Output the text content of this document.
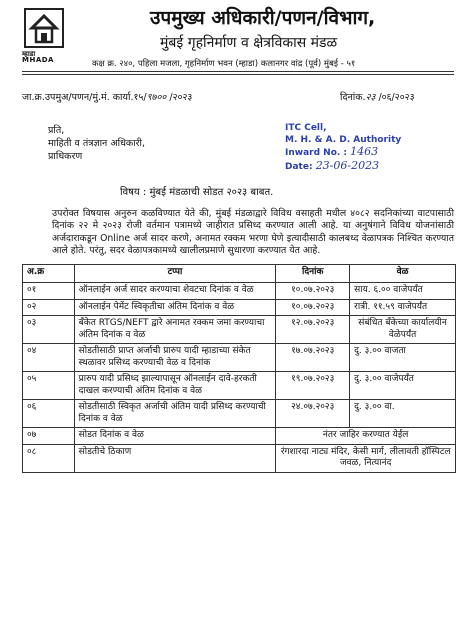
म्हाडा
MHADA
उपमुख्य अधिकारी/पणन/विभाग,
मुंबई गृहनिर्माण व क्षेत्रविकास मंडळ
कक्ष क्र. २४०, पहिला मजला, गृहनिर्माण भवन (म्हाडा) कलानगर वांद्र (पूर्व) मुंबई - ५१
जा.क्र.उपमुअ/पणन/मुं.मं. कार्या.१५/९७०० /२०२३	दिनांक.२३ /०६/२०२३
प्रति,
माहिती व तंत्रज्ञान अधिकारी,
प्राधिकरण
ITC Cell,
M. H. & A. D. Authority
Inward No. : 1463
Date: 23-06-2023
विषय : मुंबई मंडळाची सोडत २०२३ बाबत.
उपरोक्त विषयास अनुरुन कळविण्यात येते की, मुंबई मंडळाद्वारे विविध वसाहती मधील ४०८२ सदनिकांच्या वाटपासाठी दिनांक २२ मे २०२३ रोजी वर्तमान पत्रामध्ये जाहीरात प्रसिध्द करण्यात आली आहे. या अनुषंगाने विविध योजनांसाठी अर्जदाराकडून Online अर्ज सादर करणे, अनामत रक्कम भरणा घेणे इत्यादीसाठी कालबध्द वेळापत्रक निश्चित करण्यात आले होते. परंतु, सदर वेळापत्रकामध्ये खालीलप्रमाणे सुधारणा करण्यात येत आहे.
अ.क्र	टप्पा	दिनांक	वेळ
०१	ऑनलाईन अर्ज सादर करण्याचा शेवटचा दिनांक व वेळ	१०.०७.२०२३	साय. ६.०० वाजेपर्यंत
०२	ऑनलाईन पेमेंट स्विकृतीचा अंतिम दिनांक व वेळ	१०.०७.२०२३	रात्री. ११.५९ वाजेपर्यंत
०३	बँकेत RTGS/NEFT द्वारे अनामत रक्कम जमा करण्याचा अंतिम दिनांक व वेळ	१२.०७.२०२३	संबंधित बँकेच्या कार्यालयीन वेळेपर्यंत
०४	सोडतीसाठी प्राप्त अर्जाची प्रारुप यादी म्हाडाच्या संकेत स्थळावर प्रसिध्द करण्याची वेळ व दिनांक	१७.०७.२०२३	दु. ३.०० वाजता
०५	प्रारुप यादी प्रसिध्द झाल्यापासून ऑनलाईन दावे-हरकती दाखल करण्याची अंतिम दिनांक व वेळ	१९.०७.२०२३	दु. ३.०० वाजेपर्यंत
०६	सोडतीसाठी स्विकृत अर्जाची अंतिम यादी प्रसिध्द करण्याची दिनांक व वेळ	२४.०७.२०२३	दु. ३.०० वा.
०७	सोडत दिनांक व वेळ	नंतर जाहिर करण्यात येईल	
०८	सोडतीचे ठिकाण	रंगशारदा नाट्य मंदिर, केसी मार्ग, लीलावती हॉस्पिटल जवळ, नित्यानंद	
